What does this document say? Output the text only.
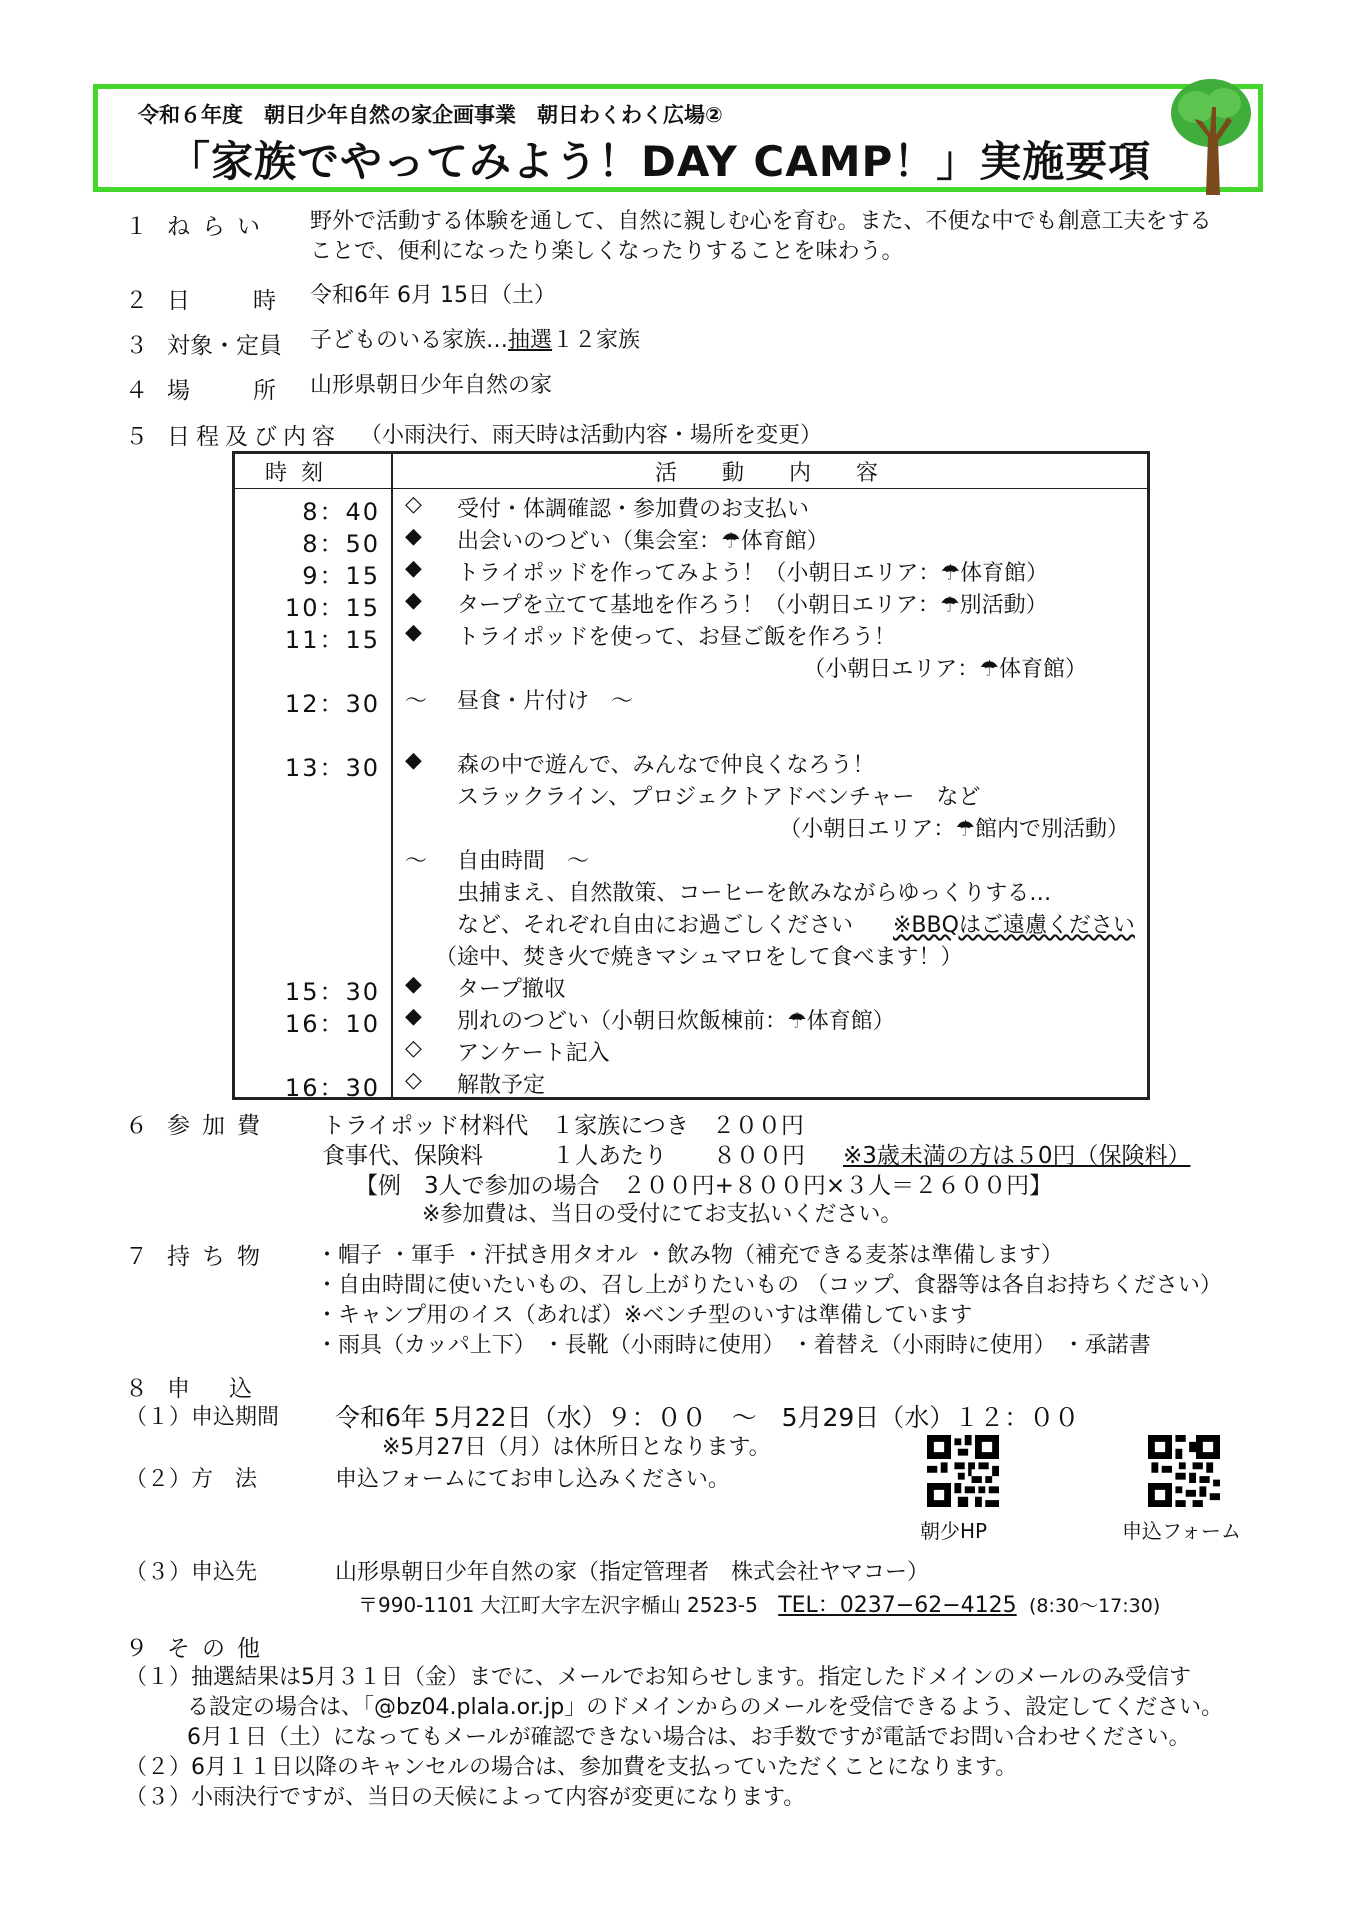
令和６年度　朝日少年自然の家企画事業　朝日わくわく広場②
「家族でやってみよう！DAY CAMP！」実施要項
１ ねらい 野外で活動する体験を通して、自然に親しむ心を育む。また、不便な中でも創意工夫をする
ことで、便利になったり楽しくなったりすることを味わう。
２ 日　時 令和6年 6月 15日（土）
３ 対象・定員 子どものいる家族…抽選１２家族
４ 場　所 山形県朝日少年自然の家
５ 日程及び内容 （小雨決行、雨天時は活動内容・場所を変更）
時刻	活動内容
8：40 ◇ 受付・体調確認・参加費のお支払い
8：50 ◆ 出会いのつどい（集会室：☂体育館）
9：15 ◆ トライポッドを作ってみよう！（小朝日エリア：☂体育館）
10：15 ◆ タープを立てて基地を作ろう！（小朝日エリア：☂別活動）
11：15 ◆ トライポッドを使って、お昼ご飯を作ろう！
（小朝日エリア：☂体育館）
12：30 ～ 昼食・片付け　～
13：30 ◆ 森の中で遊んで、みんなで仲良くなろう！
スラックライン、プロジェクトアドベンチャー　など
（小朝日エリア：☂館内で別活動）
～ 自由時間　～
虫捕まえ、自然散策、コーヒーを飲みながらゆっくりする…
など、それぞれ自由にお過ごしください ※BBQはご遠慮ください
（途中、焚き火で焼きマシュマロをして食べます！）
15：30 ◆ タープ撤収
16：10 ◆ 別れのつどい（小朝日炊飯棟前：☂体育館）
◇ アンケート記入
16：30 ◇ 解散予定
６ 参加費 トライポッド材料代　１家族につき　２００円
食事代、保険料　　　１人あたり　　８００円 ※3歳未満の方は５0円（保険料）
【例　3人で参加の場合　２００円+８００円×３人＝２６００円】
※参加費は、当日の受付にてお支払いください。
７ 持ち物 ・帽子 ・軍手 ・汗拭き用タオル ・飲み物（補充できる麦茶は準備します）
・自由時間に使いたいもの、召し上がりたいもの （コップ、食器等は各自お持ちください）
・キャンプ用のイス（あれば）※ベンチ型のいすは準備しています
・雨具（カッパ上下） ・長靴（小雨時に使用） ・着替え（小雨時に使用） ・承諾書
８ 申　込
（１）申込期間 令和6年 5月22日（水）９：００　～　5月29日（水）１２：００
※5月27日（月）は休所日となります。
（２）方　法	申込フォームにてお申し込みください。
朝少HP	申込フォーム
（３）申込先	山形県朝日少年自然の家（指定管理者　株式会社ヤマコー）
〒990-1101 大江町大字左沢字楯山 2523-5 TEL：0237−62−4125 (8:30〜17:30)
９ その他
（１）抽選結果は5月３１日（金）までに、メールでお知らせします。指定したドメインのメールのみ受信す
る設定の場合は、「@bz04.plala.or.jp」のドメインからのメールを受信できるよう、設定してください。
6月１日（土）になってもメールが確認できない場合は、お手数ですが電話でお問い合わせください。
（２）6月１１日以降のキャンセルの場合は、参加費を支払っていただくことになります。
（３）小雨決行ですが、当日の天候によって内容が変更になります。
